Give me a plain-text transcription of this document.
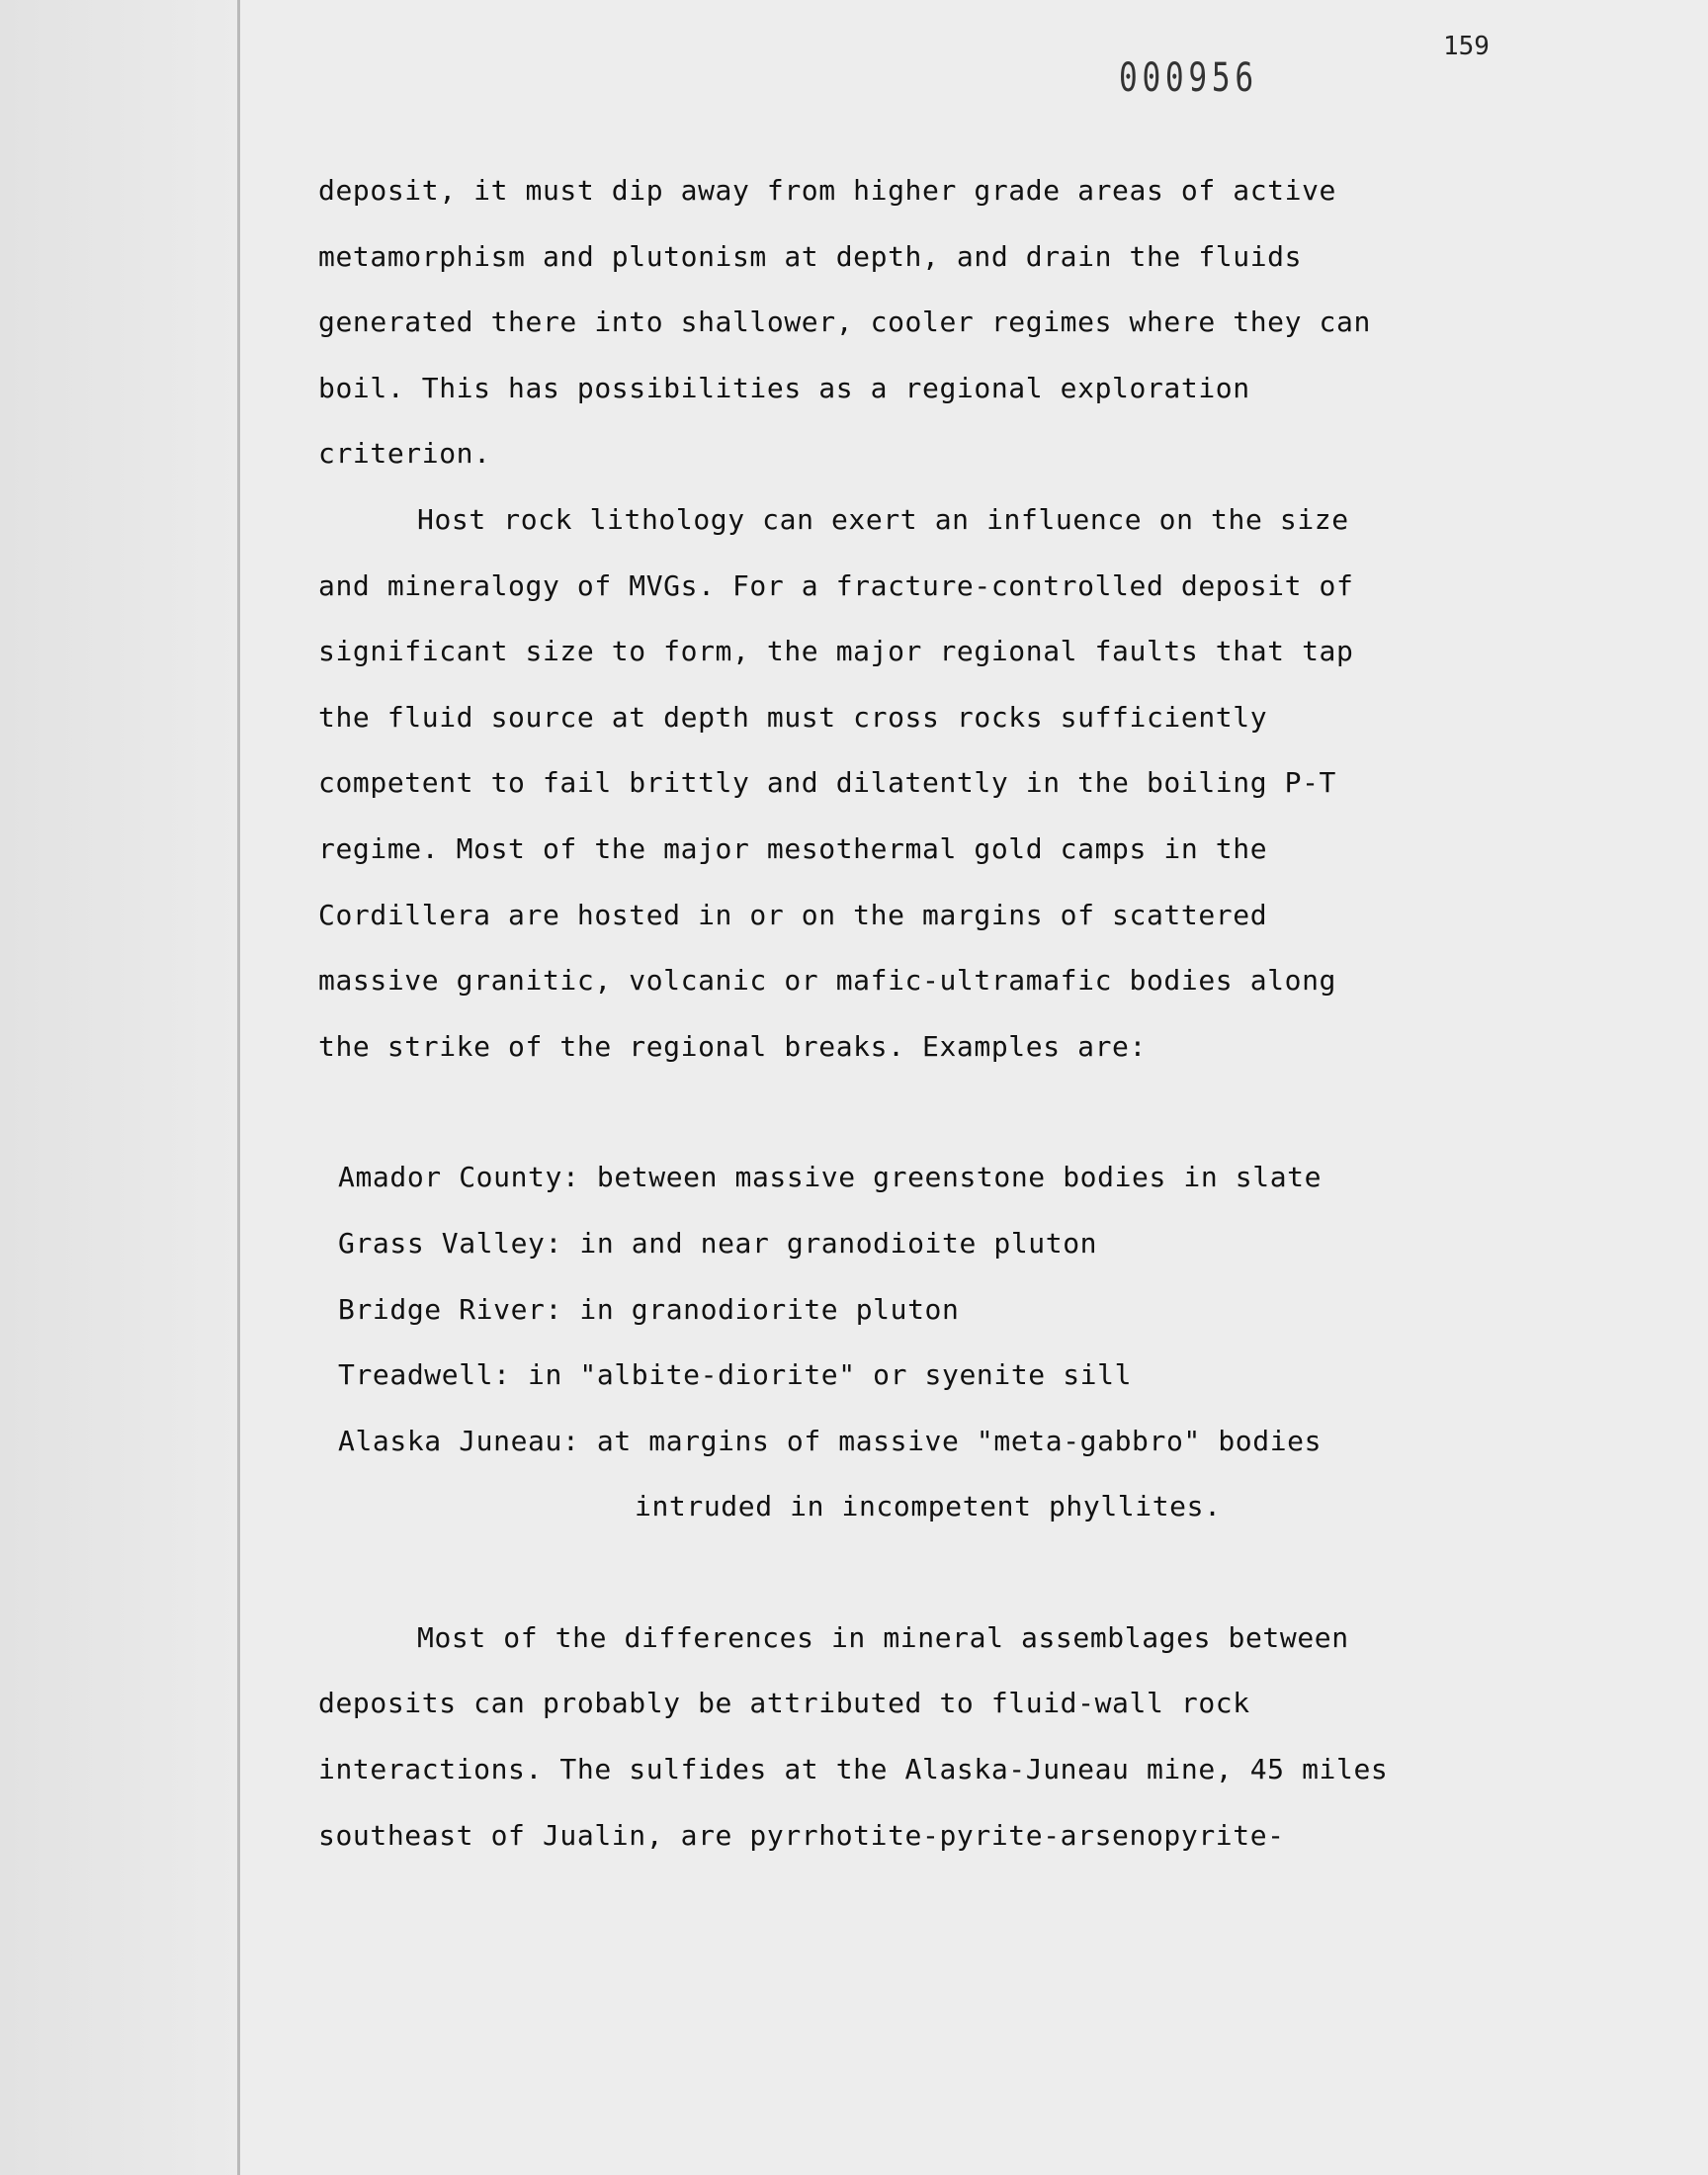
000956
159
deposit, it must dip away from higher grade areas of active
metamorphism and plutonism at depth, and drain the fluids
generated there into shallower, cooler regimes where they can
boil. This has possibilities as a regional exploration
criterion.
Host rock lithology can exert an influence on the size
and mineralogy of MVGs. For a fracture-controlled deposit of
significant size to form, the major regional faults that tap
the fluid source at depth must cross rocks sufficiently
competent to fail brittly and dilatently in the boiling P-T
regime. Most of the major mesothermal gold camps in the
Cordillera are hosted in or on the margins of scattered
massive granitic, volcanic or mafic-ultramafic bodies along
the strike of the regional breaks. Examples are:
Amador County: between massive greenstone bodies in slate
Grass Valley: in and near granodioite pluton
Bridge River: in granodiorite pluton
Treadwell: in "albite-diorite" or syenite sill
Alaska Juneau: at margins of massive "meta-gabbro" bodies
intruded in incompetent phyllites.
Most of the differences in mineral assemblages between
deposits can probably be attributed to fluid-wall rock
interactions. The sulfides at the Alaska-Juneau mine, 45 miles
southeast of Jualin, are pyrrhotite-pyrite-arsenopyrite-
